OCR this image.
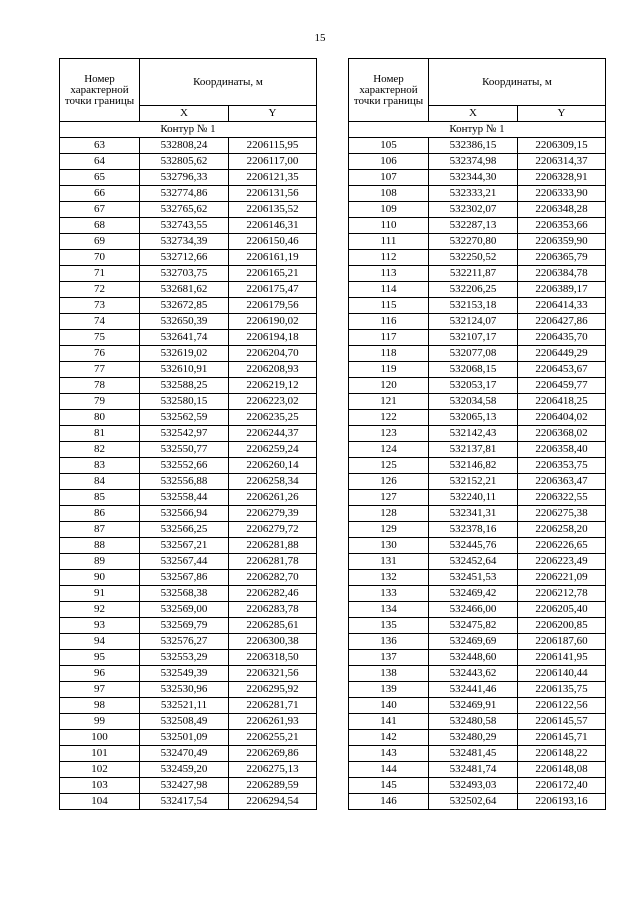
15
Номер характерной точки границы	Координаты, м	
	X	Y
Контур № 1		
63	532808,24	2206115,95
64	532805,62	2206117,00
65	532796,33	2206121,35
66	532774,86	2206131,56
67	532765,62	2206135,52
68	532743,55	2206146,31
69	532734,39	2206150,46
70	532712,66	2206161,19
71	532703,75	2206165,21
72	532681,62	2206175,47
73	532672,85	2206179,56
74	532650,39	2206190,02
75	532641,74	2206194,18
76	532619,02	2206204,70
77	532610,91	2206208,93
78	532588,25	2206219,12
79	532580,15	2206223,02
80	532562,59	2206235,25
81	532542,97	2206244,37
82	532550,77	2206259,24
83	532552,66	2206260,14
84	532556,88	2206258,34
85	532558,44	2206261,26
86	532566,94	2206279,39
87	532566,25	2206279,72
88	532567,21	2206281,88
89	532567,44	2206281,78
90	532567,86	2206282,70
91	532568,38	2206282,46
92	532569,00	2206283,78
93	532569,79	2206285,61
94	532576,27	2206300,38
95	532553,29	2206318,50
96	532549,39	2206321,56
97	532530,96	2206295,92
98	532521,11	2206281,71
99	532508,49	2206261,93
100	532501,09	2206255,21
101	532470,49	2206269,86
102	532459,20	2206275,13
103	532427,98	2206289,59
104	532417,54	2206294,54
Номер характерной точки границы	Координаты, м	
	X	Y
Контур № 1		
105	532386,15	2206309,15
106	532374,98	2206314,37
107	532344,30	2206328,91
108	532333,21	2206333,90
109	532302,07	2206348,28
110	532287,13	2206353,66
111	532270,80	2206359,90
112	532250,52	2206365,79
113	532211,87	2206384,78
114	532206,25	2206389,17
115	532153,18	2206414,33
116	532124,07	2206427,86
117	532107,17	2206435,70
118	532077,08	2206449,29
119	532068,15	2206453,67
120	532053,17	2206459,77
121	532034,58	2206418,25
122	532065,13	2206404,02
123	532142,43	2206368,02
124	532137,81	2206358,40
125	532146,82	2206353,75
126	532152,21	2206363,47
127	532240,11	2206322,55
128	532341,31	2206275,38
129	532378,16	2206258,20
130	532445,76	2206226,65
131	532452,64	2206223,49
132	532451,53	2206221,09
133	532469,42	2206212,78
134	532466,00	2206205,40
135	532475,82	2206200,85
136	532469,69	2206187,60
137	532448,60	2206141,95
138	532443,62	2206140,44
139	532441,46	2206135,75
140	532469,91	2206122,56
141	532480,58	2206145,57
142	532480,29	2206145,71
143	532481,45	2206148,22
144	532481,74	2206148,08
145	532493,03	2206172,40
146	532502,64	2206193,16
